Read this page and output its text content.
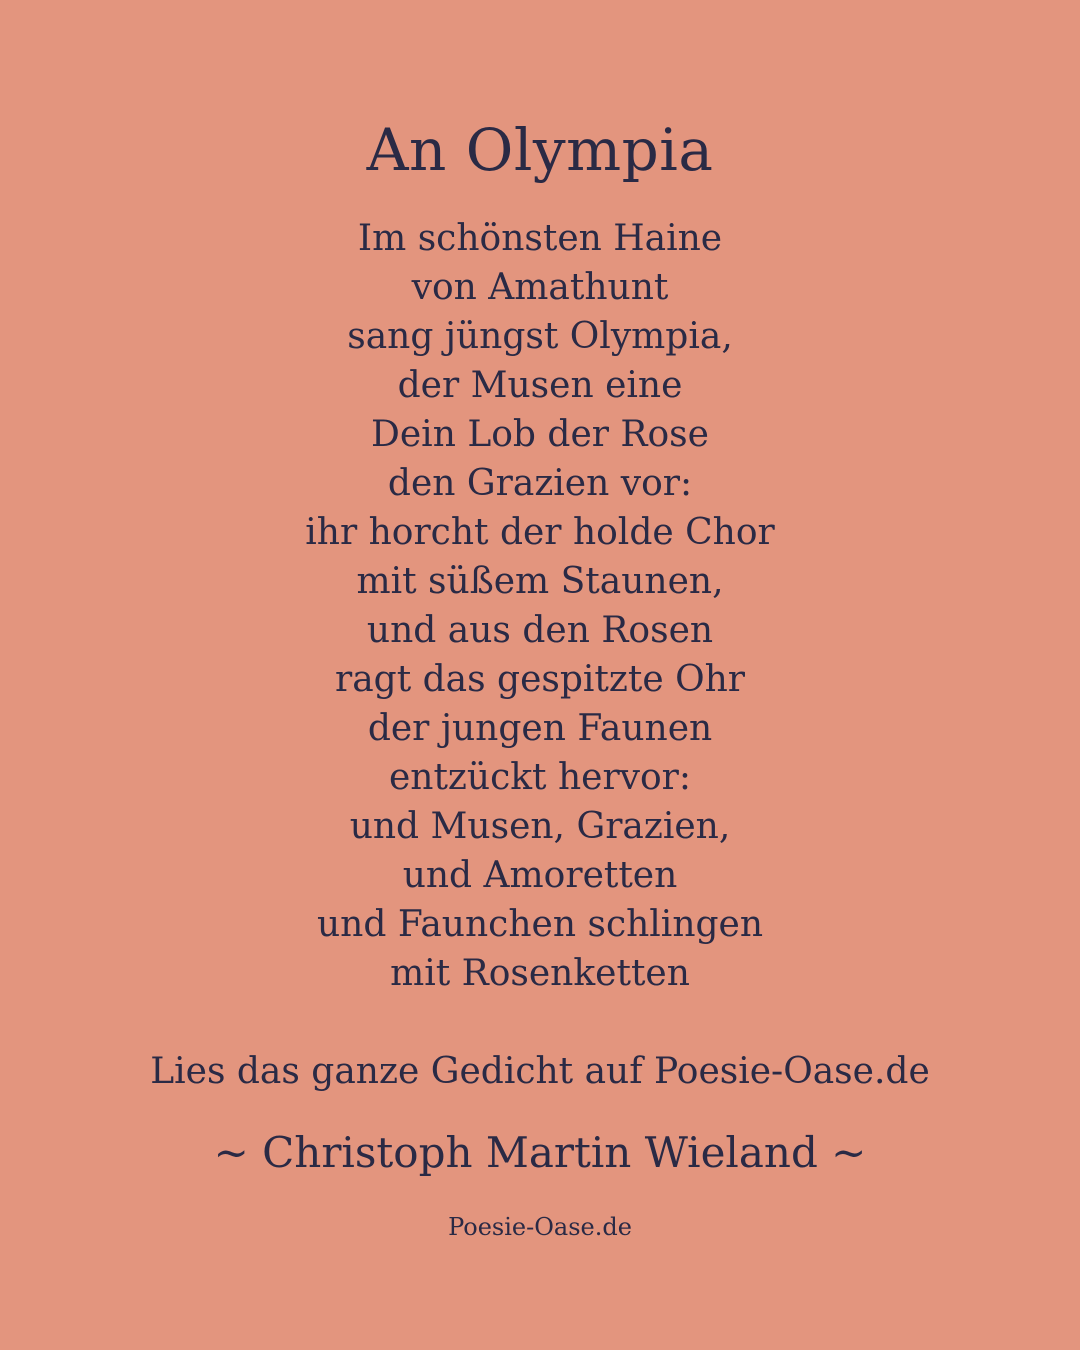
An Olympia
Im schönsten Haine
von Amathunt
sang jüngst Olympia,
der Musen eine
Dein Lob der Rose
den Grazien vor:
ihr horcht der holde Chor
mit süßem Staunen,
und aus den Rosen
ragt das gespitzte Ohr
der jungen Faunen
entzückt hervor:
und Musen, Grazien,
und Amoretten
und Faunchen schlingen
mit Rosenketten
Lies das ganze Gedicht auf Poesie-Oase.de
~ Christoph Martin Wieland ~
Poesie-Oase.de
